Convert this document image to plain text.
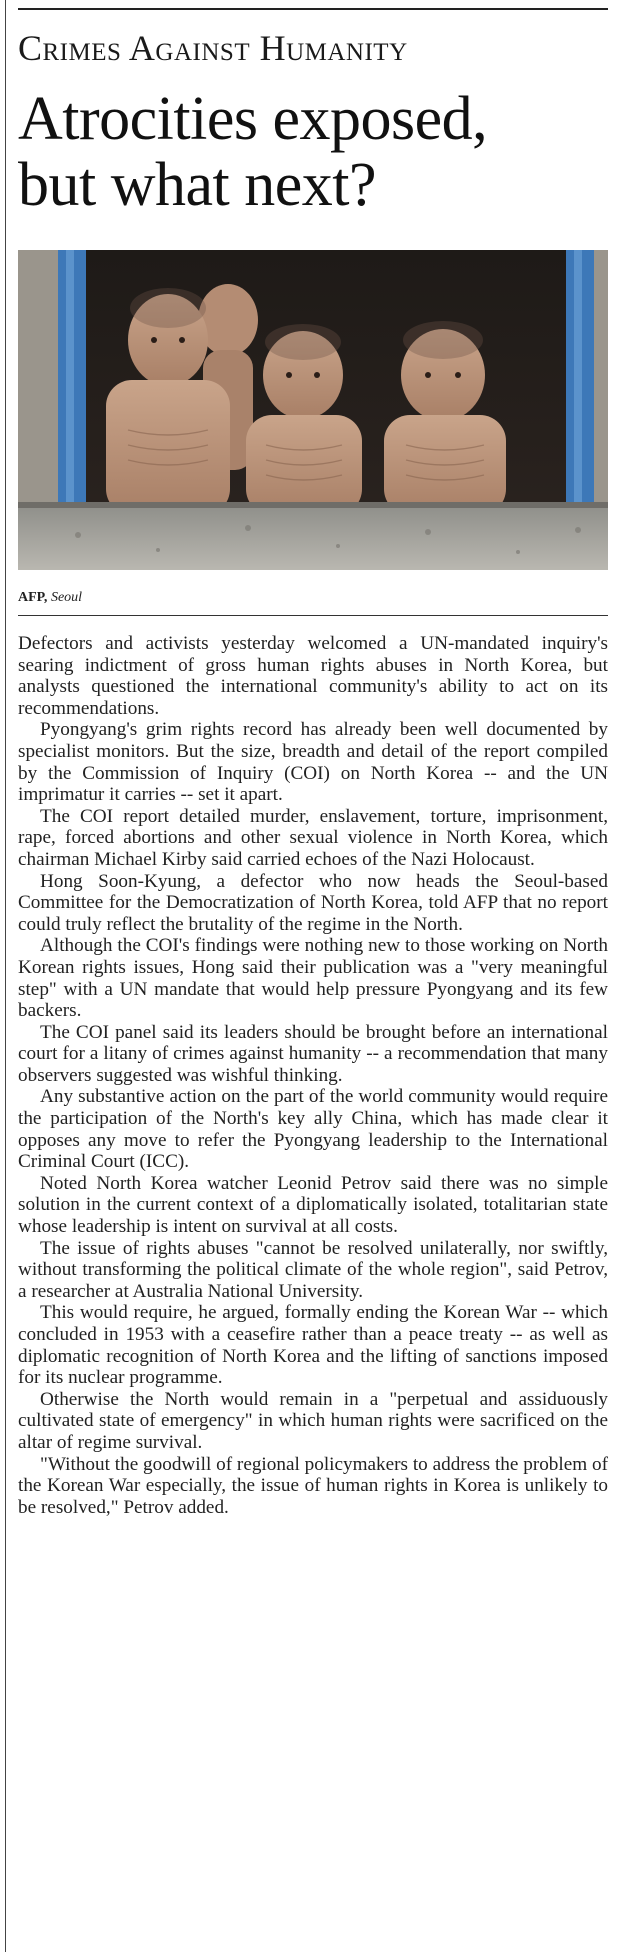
Crimes Against Humanity
Atrocities exposed,
but what next?
AFP, Seoul

Defectors and activists yesterday welcomed a UN-mandated inquiry's searing indictment of gross human rights abuses in North Korea, but analysts questioned the international community's ability to act on its recommendations.

Pyongyang's grim rights record has already been well documented by specialist monitors. But the size, breadth and detail of the report compiled by the Commission of Inquiry (COI) on North Korea -- and the UN imprimatur it carries -- set it apart.

The COI report detailed murder, enslavement, torture, imprisonment, rape, forced abortions and other sexual violence in North Korea, which chairman Michael Kirby said carried echoes of the Nazi Holocaust.

Hong Soon-Kyung, a defector who now heads the Seoul-based Committee for the Democratization of North Korea, told AFP that no report could truly reflect the brutality of the regime in the North.

Although the COI's findings were nothing new to those working on North Korean rights issues, Hong said their publication was a "very meaningful step" with a UN mandate that would help pressure Pyongyang and its few backers.

The COI panel said its leaders should be brought before an international court for a litany of crimes against humanity -- a recommendation that many observers suggested was wishful thinking.

Any substantive action on the part of the world community would require the participation of the North's key ally China, which has made clear it opposes any move to refer the Pyongyang leadership to the International Criminal Court (ICC).

Noted North Korea watcher Leonid Petrov said there was no simple solution in the current context of a diplomatically isolated, totalitarian state whose leadership is intent on survival at all costs.

The issue of rights abuses "cannot be resolved unilaterally, nor swiftly, without transforming the political climate of the whole region", said Petrov, a researcher at Australia National University.

This would require, he argued, formally ending the Korean War -- which concluded in 1953 with a ceasefire rather than a peace treaty -- as well as diplomatic recognition of North Korea and the lifting of sanctions imposed for its nuclear programme.

Otherwise the North would remain in a "perpetual and assiduously cultivated state of emergency" in which human rights were sacrificed on the altar of regime survival.

"Without the goodwill of regional policymakers to address the problem of the Korean War especially, the issue of human rights in Korea is unlikely to be resolved," Petrov added.
